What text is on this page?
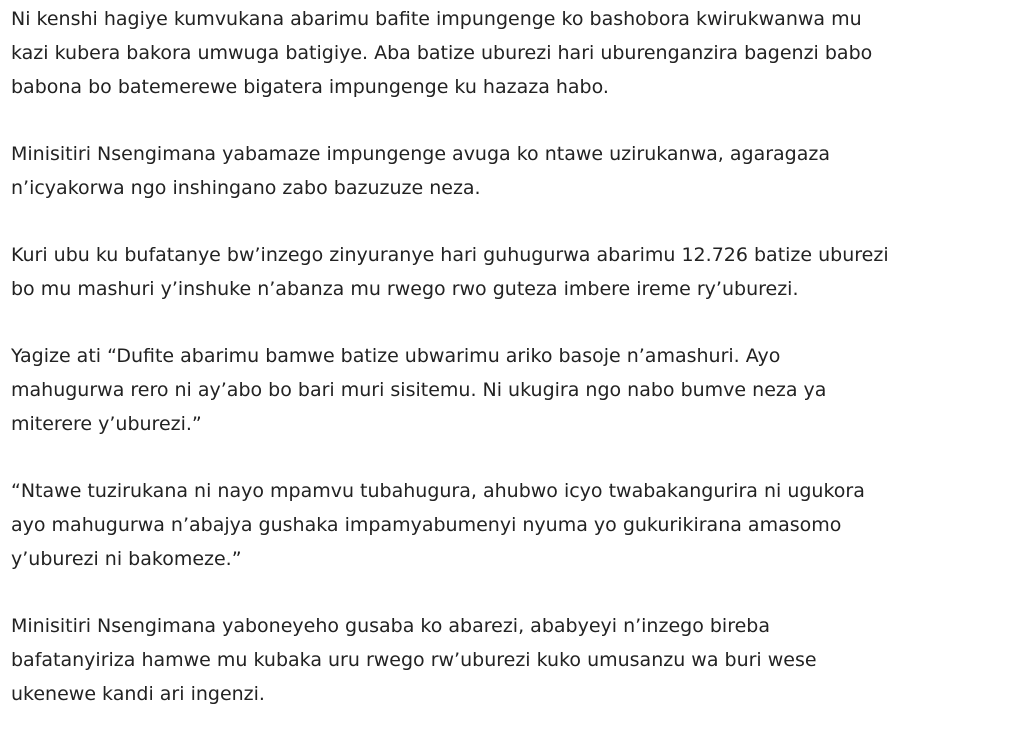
Ni kenshi hagiye kumvukana abarimu bafite impungenge ko bashobora kwirukwanwa mu
kazi kubera bakora umwuga batigiye. Aba batize uburezi hari uburenganzira bagenzi babo
babona bo batemerewe bigatera impungenge ku hazaza habo.

Minisitiri Nsengimana yabamaze impungenge avuga ko ntawe uzirukanwa, agaragaza
n’icyakorwa ngo inshingano zabo bazuzuze neza.

Kuri ubu ku bufatanye bw’inzego zinyuranye hari guhugurwa abarimu 12.726 batize uburezi
bo mu mashuri y’inshuke n’abanza mu rwego rwo guteza imbere ireme ry’uburezi.

Yagize ati “Dufite abarimu bamwe batize ubwarimu ariko basoje n’amashuri. Ayo
mahugurwa rero ni ay’abo bo bari muri sisitemu. Ni ukugira ngo nabo bumve neza ya
miterere y’uburezi.”

“Ntawe tuzirukana ni nayo mpamvu tubahugura, ahubwo icyo twabakangurira ni ugukora
ayo mahugurwa n’abajya gushaka impamyabumenyi nyuma yo gukurikirana amasomo
y’uburezi ni bakomeze.”

Minisitiri Nsengimana yaboneyeho gusaba ko abarezi, ababyeyi n’inzego bireba
bafatanyiriza hamwe mu kubaka uru rwego rw’uburezi kuko umusanzu wa buri wese
ukenewe kandi ari ingenzi.
